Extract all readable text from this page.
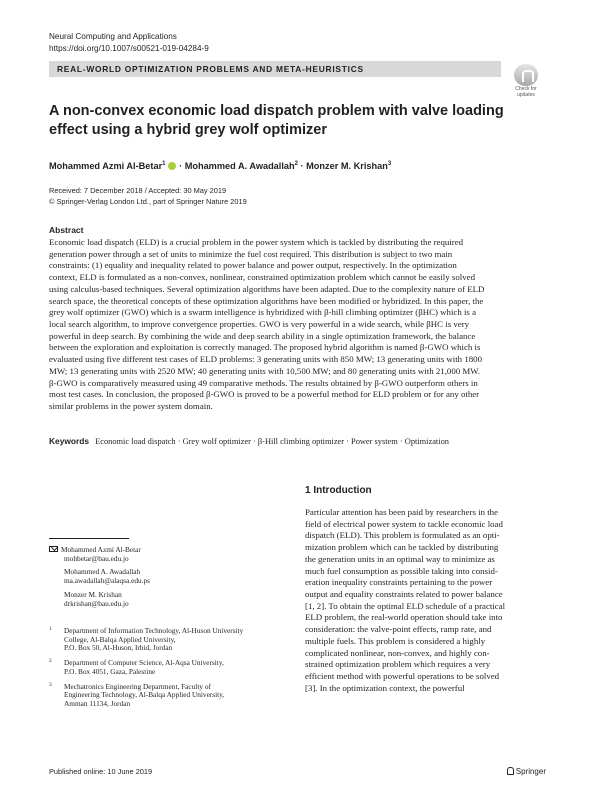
Neural Computing and Applications
https://doi.org/10.1007/s00521-019-04284-9
REAL-WORLD OPTIMIZATION PROBLEMS AND META-HEURISTICS
Check for
updates
A non-convex economic load dispatch problem with valve loading
effect using a hybrid grey wolf optimizer
Mohammed Azmi Al-Betar$^1$ · Mohammed A. Awadallah$^2$ · Monzer M. Krishan$^3$
Received: 7 December 2018 / Accepted: 30 May 2019
© Springer-Verlag London Ltd., part of Springer Nature 2019
Abstract
Economic load dispatch (ELD) is a crucial problem in the power system which is tackled by distributing the required
generation power through a set of units to minimize the fuel cost required. This distribution is subject to two main
constraints: (1) equality and inequality related to power balance and power output, respectively. In the optimization
context, ELD is formulated as a non-convex, nonlinear, constrained optimization problem which cannot be easily solved
using calculus-based techniques. Several optimization algorithms have been adapted. Due to the complexity nature of ELD
search space, the theoretical concepts of these optimization algorithms have been modified or hybridized. In this paper, the
grey wolf optimizer (GWO) which is a swarm intelligence is hybridized with β-hill climbing optimizer (βHC) which is a
local search algorithm, to improve convergence properties. GWO is very powerful in a wide search, while βHC is very
powerful in deep search. By combining the wide and deep search ability in a single optimization framework, the balance
between the exploration and exploitation is correctly managed. The proposed hybrid algorithm is named β-GWO which is
evaluated using five different test cases of ELD problems: 3 generating units with 850 MW; 13 generating units with 1800
MW; 13 generating units with 2520 MW; 40 generating units with 10,500 MW; and 80 generating units with 21,000 MW.
β-GWO is comparatively measured using 49 comparative methods. The results obtained by β-GWO outperform others in
most test cases. In conclusion, the proposed β-GWO is proved to be a powerful method for ELD problem or for any other
similar problems in the power system domain.
Keywords Economic load dispatch · Grey wolf optimizer · β-Hill climbing optimizer · Power system · Optimization
1 Introduction
Particular attention has been paid by researchers in the
field of electrical power system to tackle economic load
dispatch (ELD). This problem is formulated as an opti-
mization problem which can be tackled by distributing
the generation units in an optimal way to minimize as
much fuel consumption as possible taking into consid-
eration inequality constraints pertaining to the power
output and equality constraints related to power balance
[1, 2]. To obtain the optimal ELD schedule of a practical
ELD problem, the real-world operation should take into
consideration: the valve-point effects, ramp rate, and
multiple fuels. This problem is considered a highly
complicated nonlinear, non-convex, and highly con-
strained optimization problem which requires a very
efficient method with powerful operations to be solved
[3]. In the optimization context, the powerful
Mohammed Azmi Al-Betar
mohbetar@bau.edu.jo
Mohammed A. Awadallah
ma.awadallah@alaqsa.edu.ps
Monzer M. Krishan
drkrishan@bau.edu.jo
1 Department of Information Technology, Al-Huson University
College, Al-Balqa Applied University,
P.O. Box 50, Al-Huson, Irbid, Jordan
2 Department of Computer Science, Al-Aqsa University,
P.O. Box 4051, Gaza, Palestine
3 Mechatronics Engineering Department, Faculty of
Engineering Technology, Al-Balqa Applied University,
Amman 11134, Jordan
Published online: 10 June 2019	Springer
